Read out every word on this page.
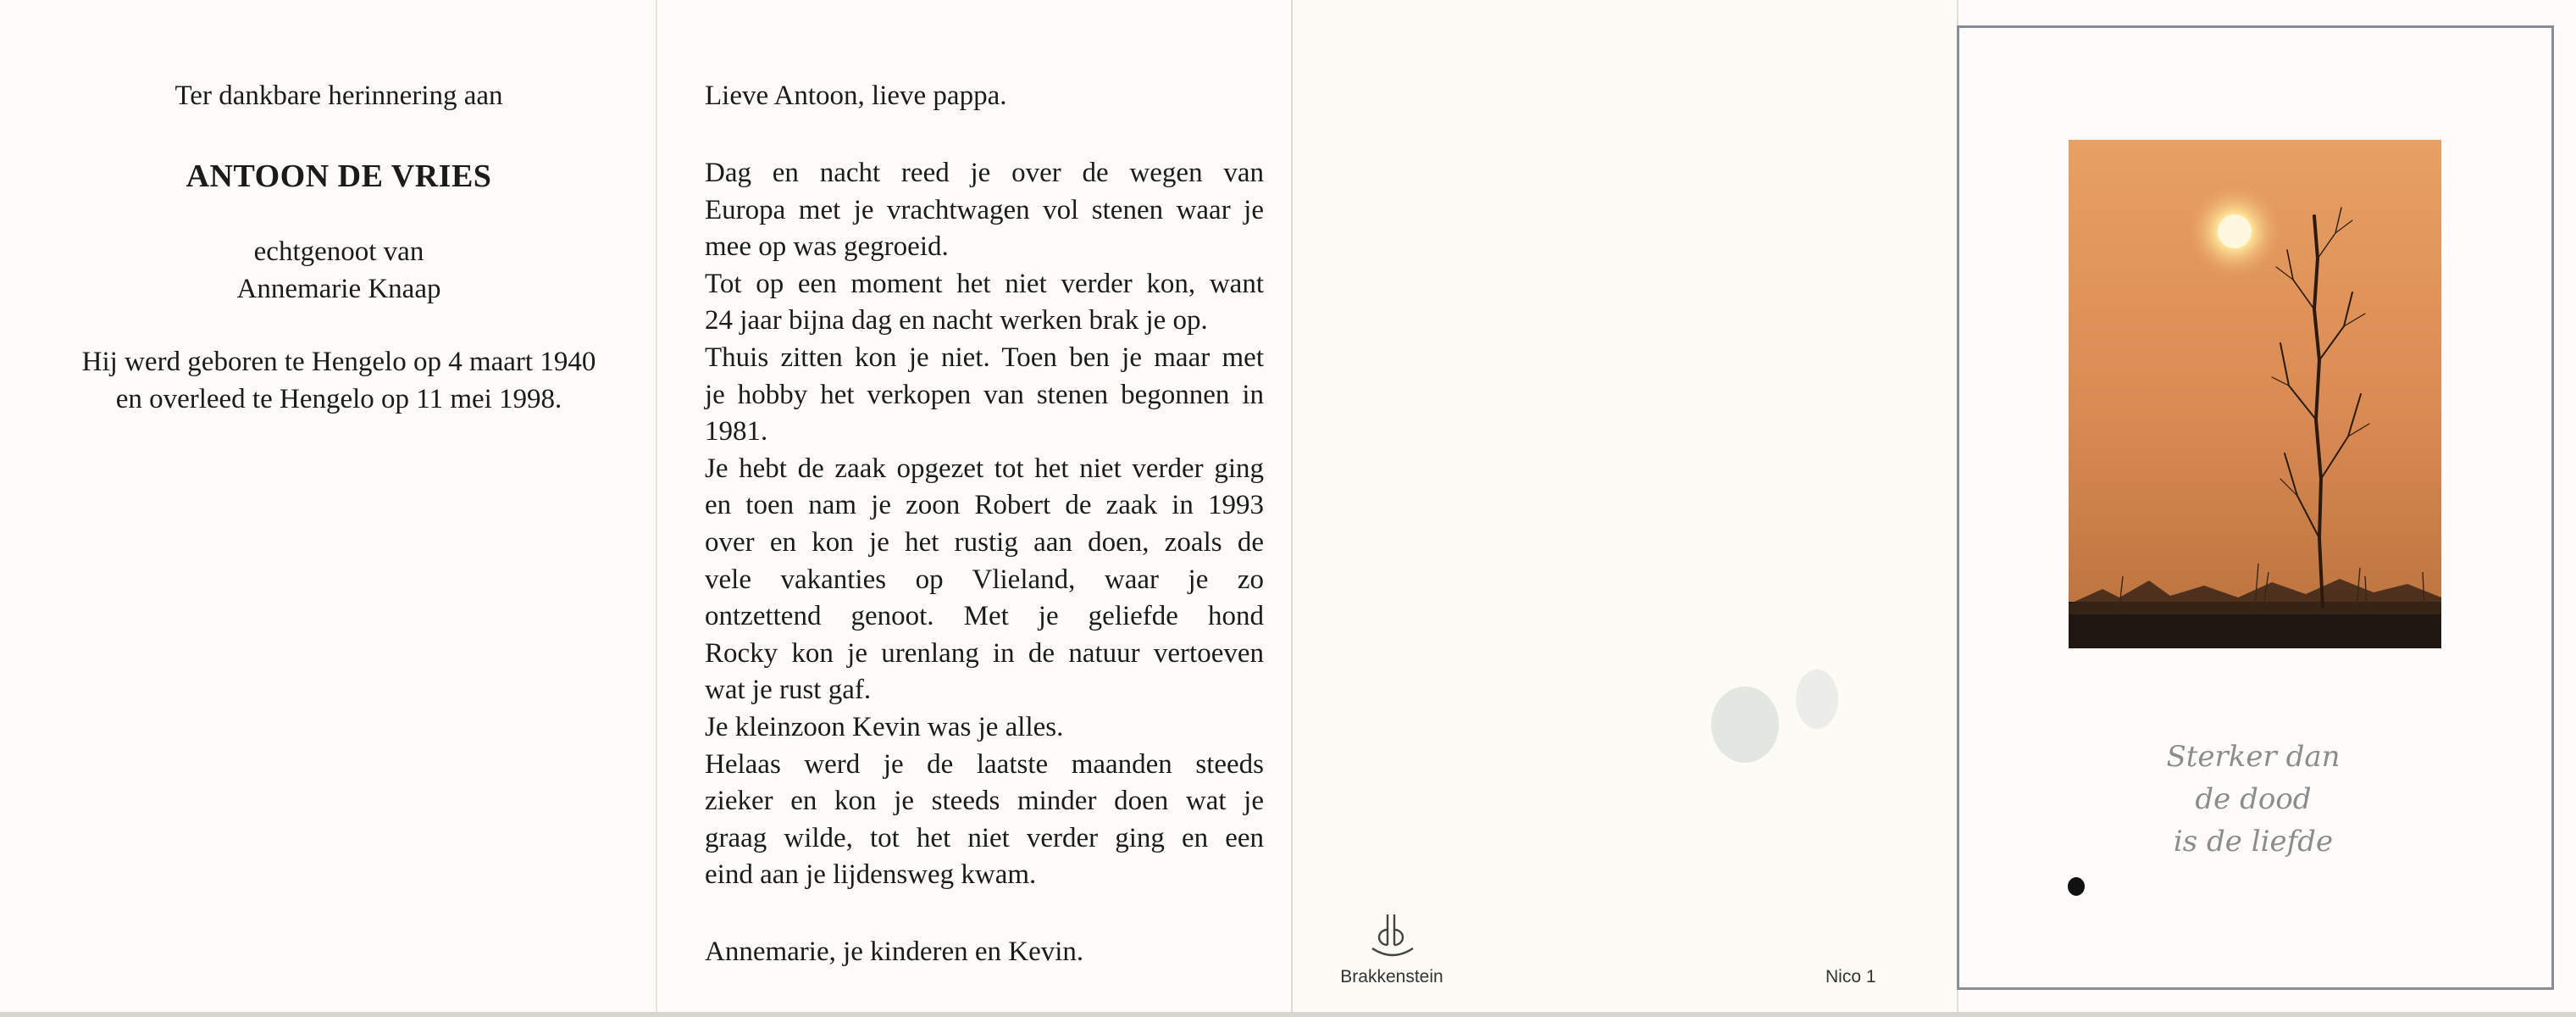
Ter dankbare herinnering aan
ANTOON DE VRIES
echtgenoot van
Annemarie Knaap
Hij werd geboren te Hengelo op 4 maart 1940
en overleed te Hengelo op 11 mei 1998.
Lieve Antoon, lieve pappa.
Dag en nacht reed je over de wegen van
Europa met je vrachtwagen vol stenen waar je
mee op was gegroeid.
Tot op een moment het niet verder kon, want
24 jaar bijna dag en nacht werken brak je op.
Thuis zitten kon je niet. Toen ben je maar met
je hobby het verkopen van stenen begonnen in
1981.
Je hebt de zaak opgezet tot het niet verder ging
en toen nam je zoon Robert de zaak in 1993
over en kon je het rustig aan doen, zoals de
vele vakanties op Vlieland, waar je zo
ontzettend genoot. Met je geliefde hond
Rocky kon je urenlang in de natuur vertoeven
wat je rust gaf.
Je kleinzoon Kevin was je alles.
Helaas werd je de laatste maanden steeds
zieker en kon je steeds minder doen wat je
graag wilde, tot het niet verder ging en een
eind aan je lijdensweg kwam.
Annemarie, je kinderen en Kevin.
Brakkenstein	Nico 1
Sterker dan
de dood
is de liefde
